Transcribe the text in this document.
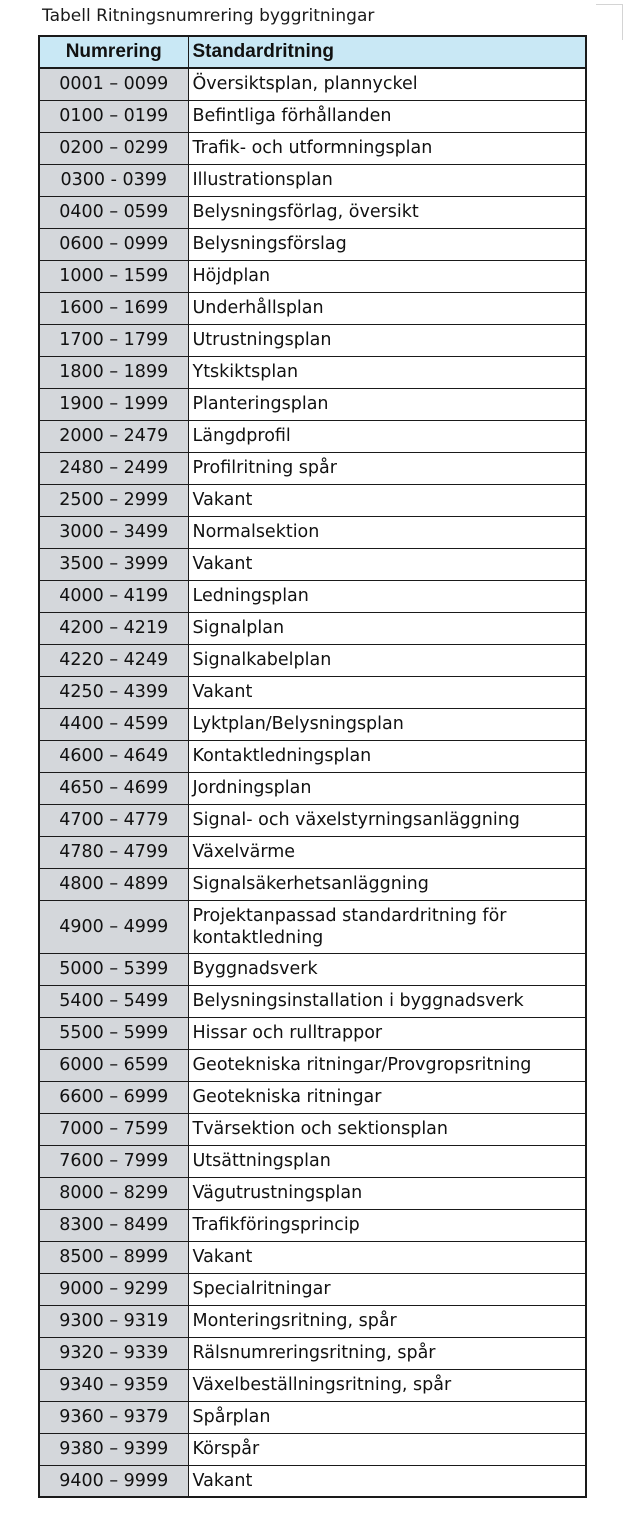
Tabell Ritningsnumrering byggritningar
Numrering	Standardritning
0001 – 0099	Översiktsplan, plannyckel
0100 – 0199	Befintliga förhållanden
0200 – 0299	Trafik- och utformningsplan
0300 - 0399	Illustrationsplan
0400 – 0599	Belysningsförlag, översikt
0600 – 0999	Belysningsförslag
1000 – 1599	Höjdplan
1600 – 1699	Underhållsplan
1700 – 1799	Utrustningsplan
1800 – 1899	Ytskiktsplan
1900 – 1999	Planteringsplan
2000 – 2479	Längdprofil
2480 – 2499	Profilritning spår
2500 – 2999	Vakant
3000 – 3499	Normalsektion
3500 – 3999	Vakant
4000 – 4199	Ledningsplan
4200 – 4219	Signalplan
4220 – 4249	Signalkabelplan
4250 – 4399	Vakant
4400 – 4599	Lyktplan/Belysningsplan
4600 – 4649	Kontaktledningsplan
4650 – 4699	Jordningsplan
4700 – 4779	Signal- och växelstyrningsanläggning
4780 – 4799	Växelvärme
4800 – 4899	Signalsäkerhetsanläggning
4900 – 4999	Projektanpassad standardritning för kontaktledning
5000 – 5399	Byggnadsverk
5400 – 5499	Belysningsinstallation i byggnadsverk
5500 – 5999	Hissar och rulltrappor
6000 – 6599	Geotekniska ritningar/Provgropsritning
6600 – 6999	Geotekniska ritningar
7000 – 7599	Tvärsektion och sektionsplan
7600 – 7999	Utsättningsplan
8000 – 8299	Vägutrustningsplan
8300 – 8499	Trafikföringsprincip
8500 – 8999	Vakant
9000 – 9299	Specialritningar
9300 – 9319	Monteringsritning, spår
9320 – 9339	Rälsnumreringsritning, spår
9340 – 9359	Växelbeställningsritning, spår
9360 – 9379	Spårplan
9380 – 9399	Körspår
9400 – 9999	Vakant
